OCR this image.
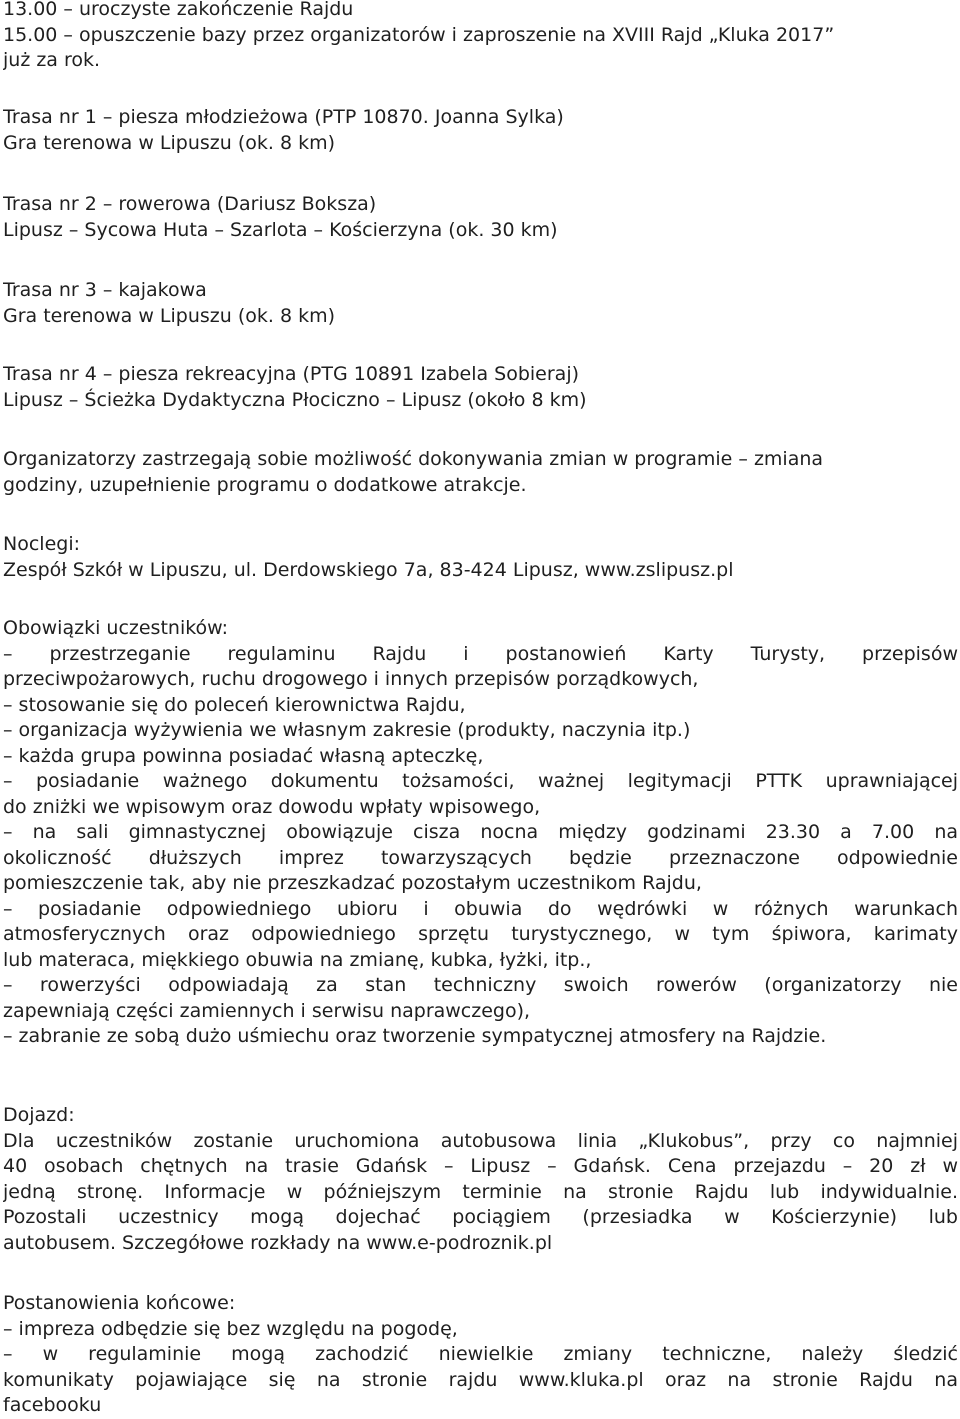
13.00 – uroczyste zakończenie Rajdu
15.00 – opuszczenie bazy przez organizatorów i zaproszenie na XVIII Rajd „Kluka 2017”
już za rok.
Trasa nr 1 – piesza młodzieżowa (PTP 10870. Joanna Sylka)
Gra terenowa w Lipuszu (ok. 8 km)
Trasa nr 2 – rowerowa (Dariusz Boksza)
Lipusz – Sycowa Huta – Szarlota – Kościerzyna (ok. 30 km)
Trasa nr 3 – kajakowa
Gra terenowa w Lipuszu (ok. 8 km)
Trasa nr 4 – piesza rekreacyjna (PTG 10891 Izabela Sobieraj)
Lipusz – Ścieżka Dydaktyczna Płociczno – Lipusz (około 8 km)
Organizatorzy zastrzegają sobie możliwość dokonywania zmian w programie – zmiana
godziny, uzupełnienie programu o dodatkowe atrakcje.
Noclegi:
Zespół Szkół w Lipuszu, ul. Derdowskiego 7a, 83-424 Lipusz, www.zslipusz.pl
Obowiązki uczestników:
– przestrzeganie regulaminu Rajdu i postanowień Karty Turysty, przepisów
przeciwpożarowych, ruchu drogowego i innych przepisów porządkowych,
– stosowanie się do poleceń kierownictwa Rajdu,
– organizacja wyżywienia we własnym zakresie (produkty, naczynia itp.)
– każda grupa powinna posiadać własną apteczkę,
– posiadanie ważnego dokumentu tożsamości, ważnej legitymacji PTTK uprawniającej
do zniżki we wpisowym oraz dowodu wpłaty wpisowego,
– na sali gimnastycznej obowiązuje cisza nocna między godzinami 23.30 a 7.00 na
okoliczność dłuższych imprez towarzyszących będzie przeznaczone odpowiednie
pomieszczenie tak, aby nie przeszkadzać pozostałym uczestnikom Rajdu,
– posiadanie odpowiedniego ubioru i obuwia do wędrówki w różnych warunkach
atmosferycznych oraz odpowiedniego sprzętu turystycznego, w tym śpiwora, karimaty
lub materaca, miękkiego obuwia na zmianę, kubka, łyżki, itp.,
– rowerzyści odpowiadają za stan techniczny swoich rowerów (organizatorzy nie
zapewniają części zamiennych i serwisu naprawczego),
– zabranie ze sobą dużo uśmiechu oraz tworzenie sympatycznej atmosfery na Rajdzie.
Dojazd:
Dla uczestników zostanie uruchomiona autobusowa linia „Klukobus”, przy co najmniej
40 osobach chętnych na trasie Gdańsk – Lipusz – Gdańsk. Cena przejazdu – 20 zł w
jedną stronę. Informacje w późniejszym terminie na stronie Rajdu lub indywidualnie.
Pozostali uczestnicy mogą dojechać pociągiem (przesiadka w Kościerzynie) lub
autobusem. Szczegółowe rozkłady na www.e-podroznik.pl
Postanowienia końcowe:
– impreza odbędzie się bez względu na pogodę,
– w regulaminie mogą zachodzić niewielkie zmiany techniczne, należy śledzić
komunikaty pojawiające się na stronie rajdu www.kluka.pl oraz na stronie Rajdu na
facebooku
